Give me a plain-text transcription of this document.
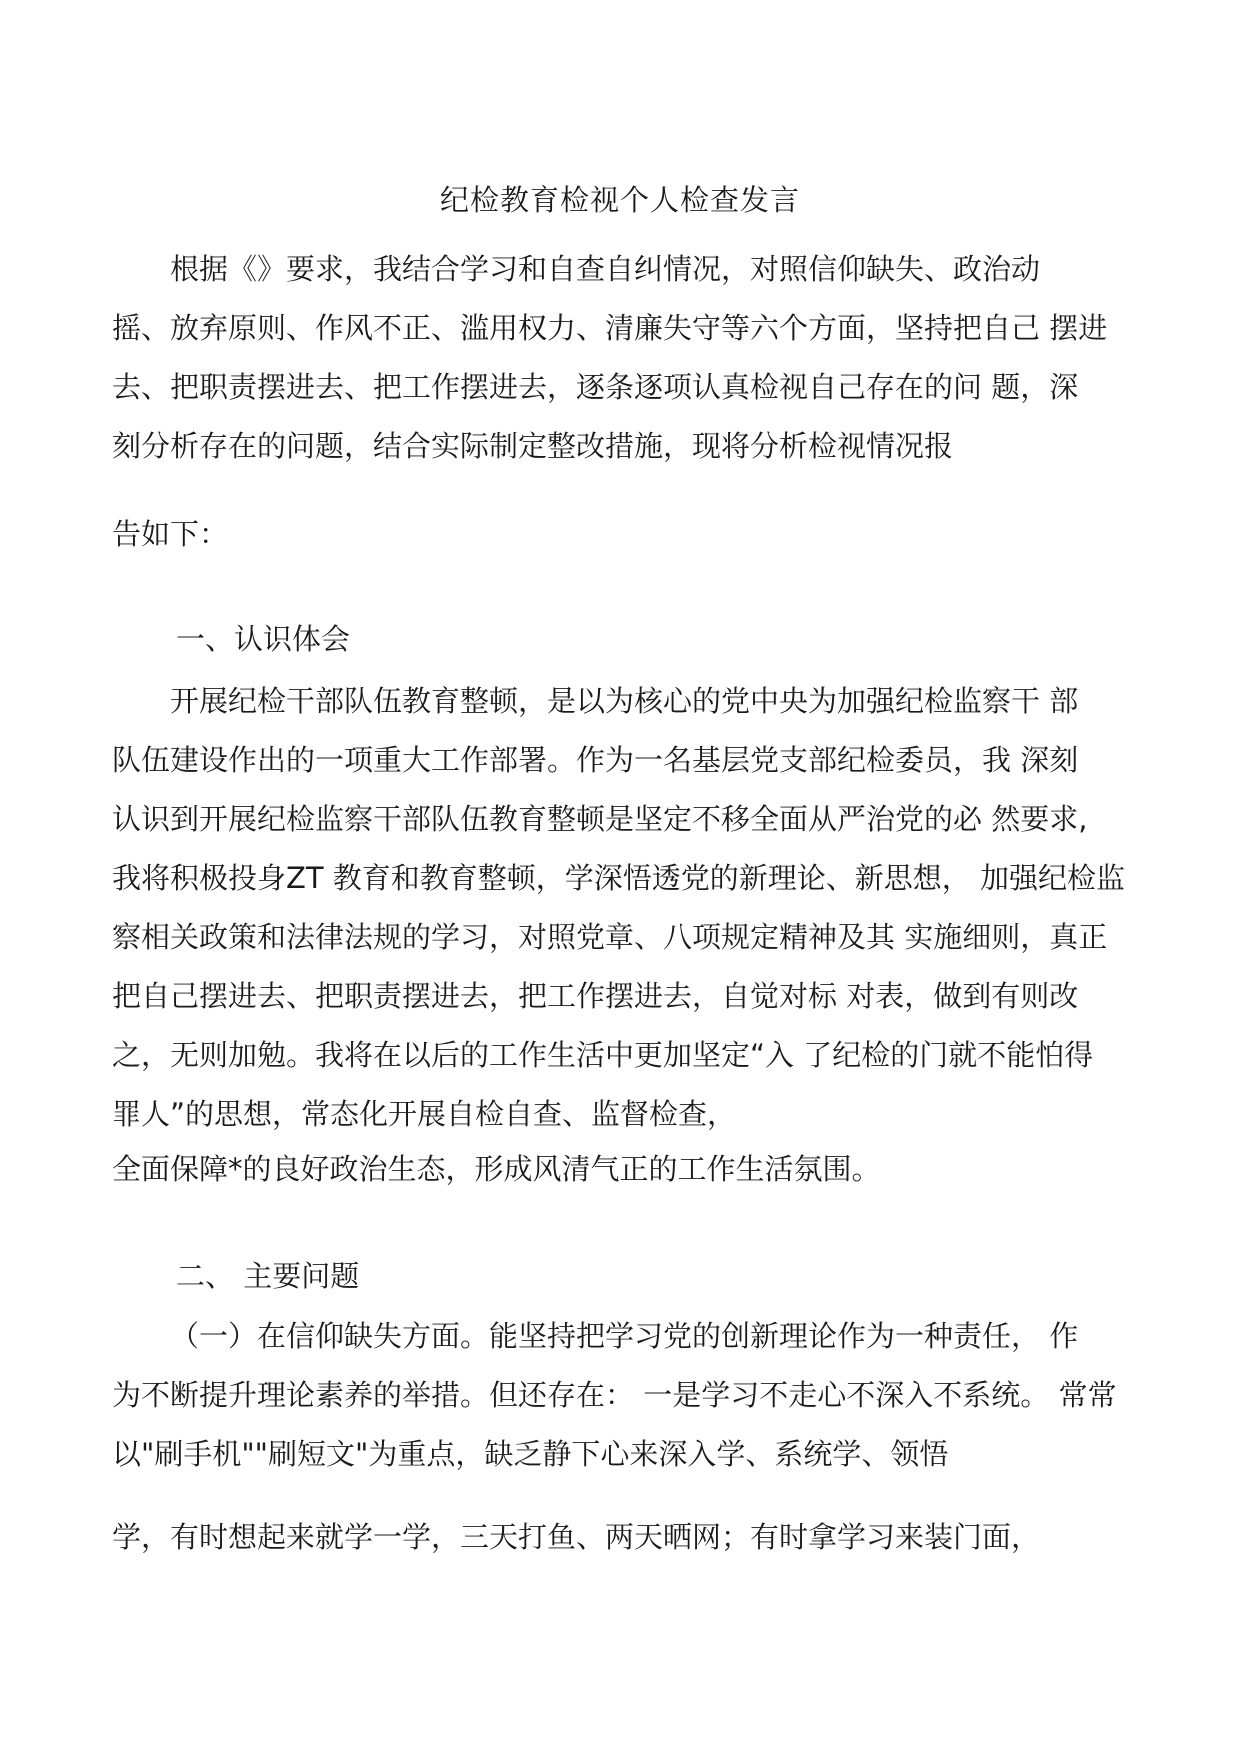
纪检教育检视个人检查发言
根据《》要求，我结合学习和自查自纠情况，对照信仰缺失、政治动
摇、放弃原则、作风不正、滥用权力、清廉失守等六个方面，坚持把自己 摆进
去、把职责摆进去、把工作摆进去，逐条逐项认真检视自己存在的问 题，深
刻分析存在的问题，结合实际制定整改措施，现将分析检视情况报
告如下：
一、认识体会
开展纪检干部队伍教育整顿，是以为核心的党中央为加强纪检监察干 部
队伍建设作出的一项重大工作部署。作为一名基层党支部纪检委员，我 深刻
认识到开展纪检监察干部队伍教育整顿是坚定不移全面从严治党的必 然要求,
我将积极投身ZT 教育和教育整顿，学深悟透党的新理论、新思想， 加强纪检监
察相关政策和法律法规的学习，对照党章、八项规定精神及其 实施细则，真正
把自己摆进去、把职责摆进去，把工作摆进去，自觉对标 对表，做到有则改
之，无则加勉。我将在以后的工作生活中更加坚定“入 了纪检的门就不能怕得
罪人”的思想，常态化开展自检自查、监督检查，
全面保障*的良好政治生态，形成风清气正的工作生活氛围。
二、 主要问题
（一）在信仰缺失方面。能坚持把学习党的创新理论作为一种责任， 作
为不断提升理论素养的举措。但还存在： 一是学习不走心不深入不系统。 常常
以"刷手机""刷短文"为重点，缺乏静下心来深入学、系统学、领悟
学，有时想起来就学一学，三天打鱼、两天晒网；有时拿学习来装门面，
